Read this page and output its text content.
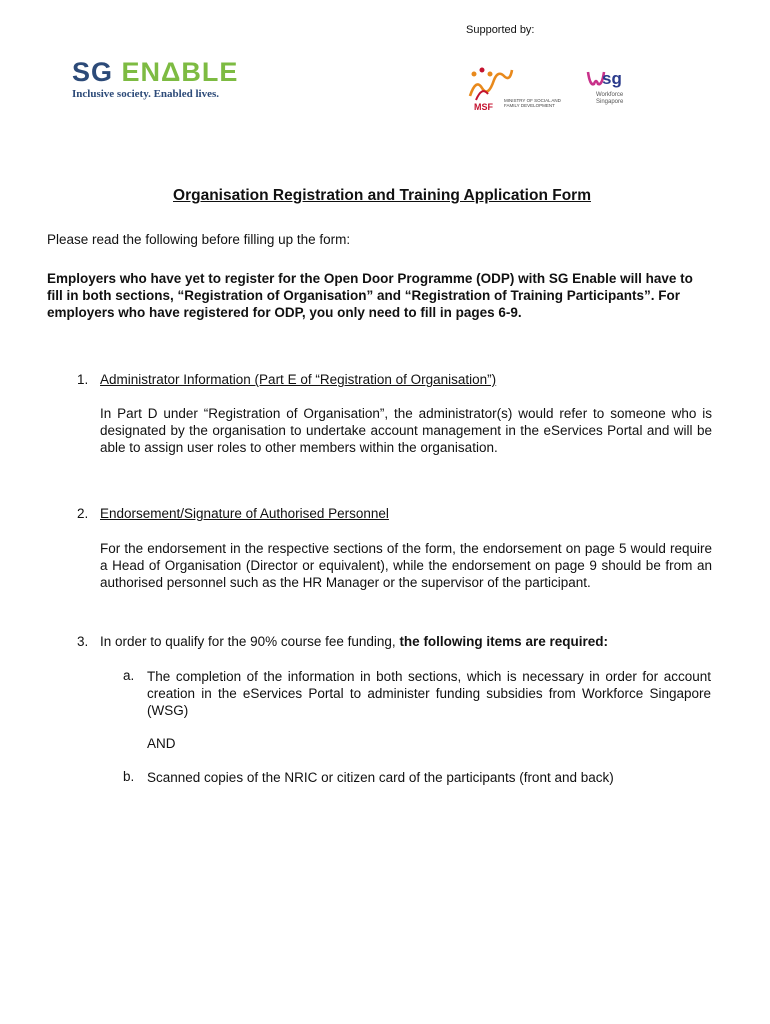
Supported by:
SG ENΔBLE
Inclusive society. Enabled lives.
MSF
MINISTRY OF SOCIAL AND FAMILY DEVELOPMENT
sg
Workforce
Singapore
Organisation Registration and Training Application Form
Please read the following before filling up the form:
Employers who have yet to register for the Open Door Programme (ODP) with SG Enable will have to fill in both sections, “Registration of Organisation” and “Registration of Training Participants”. For employers who have registered for ODP, you only need to fill in pages 6-9.
1. Administrator Information (Part E of “Registration of Organisation”)
In Part D under “Registration of Organisation”, the administrator(s) would refer to someone who is designated by the organisation to undertake account management in the eServices Portal and will be able to assign user roles to other members within the organisation.
2. Endorsement/Signature of Authorised Personnel
For the endorsement in the respective sections of the form, the endorsement on page 5 would require a Head of Organisation (Director or equivalent), while the endorsement on page 9 should be from an authorised personnel such as the HR Manager or the supervisor of the participant.
3. In order to qualify for the 90% course fee funding, the following items are required:
a. The completion of the information in both sections, which is necessary in order for account creation in the eServices Portal to administer funding subsidies from Workforce Singapore (WSG)
AND
b. Scanned copies of the NRIC or citizen card of the participants (front and back)
